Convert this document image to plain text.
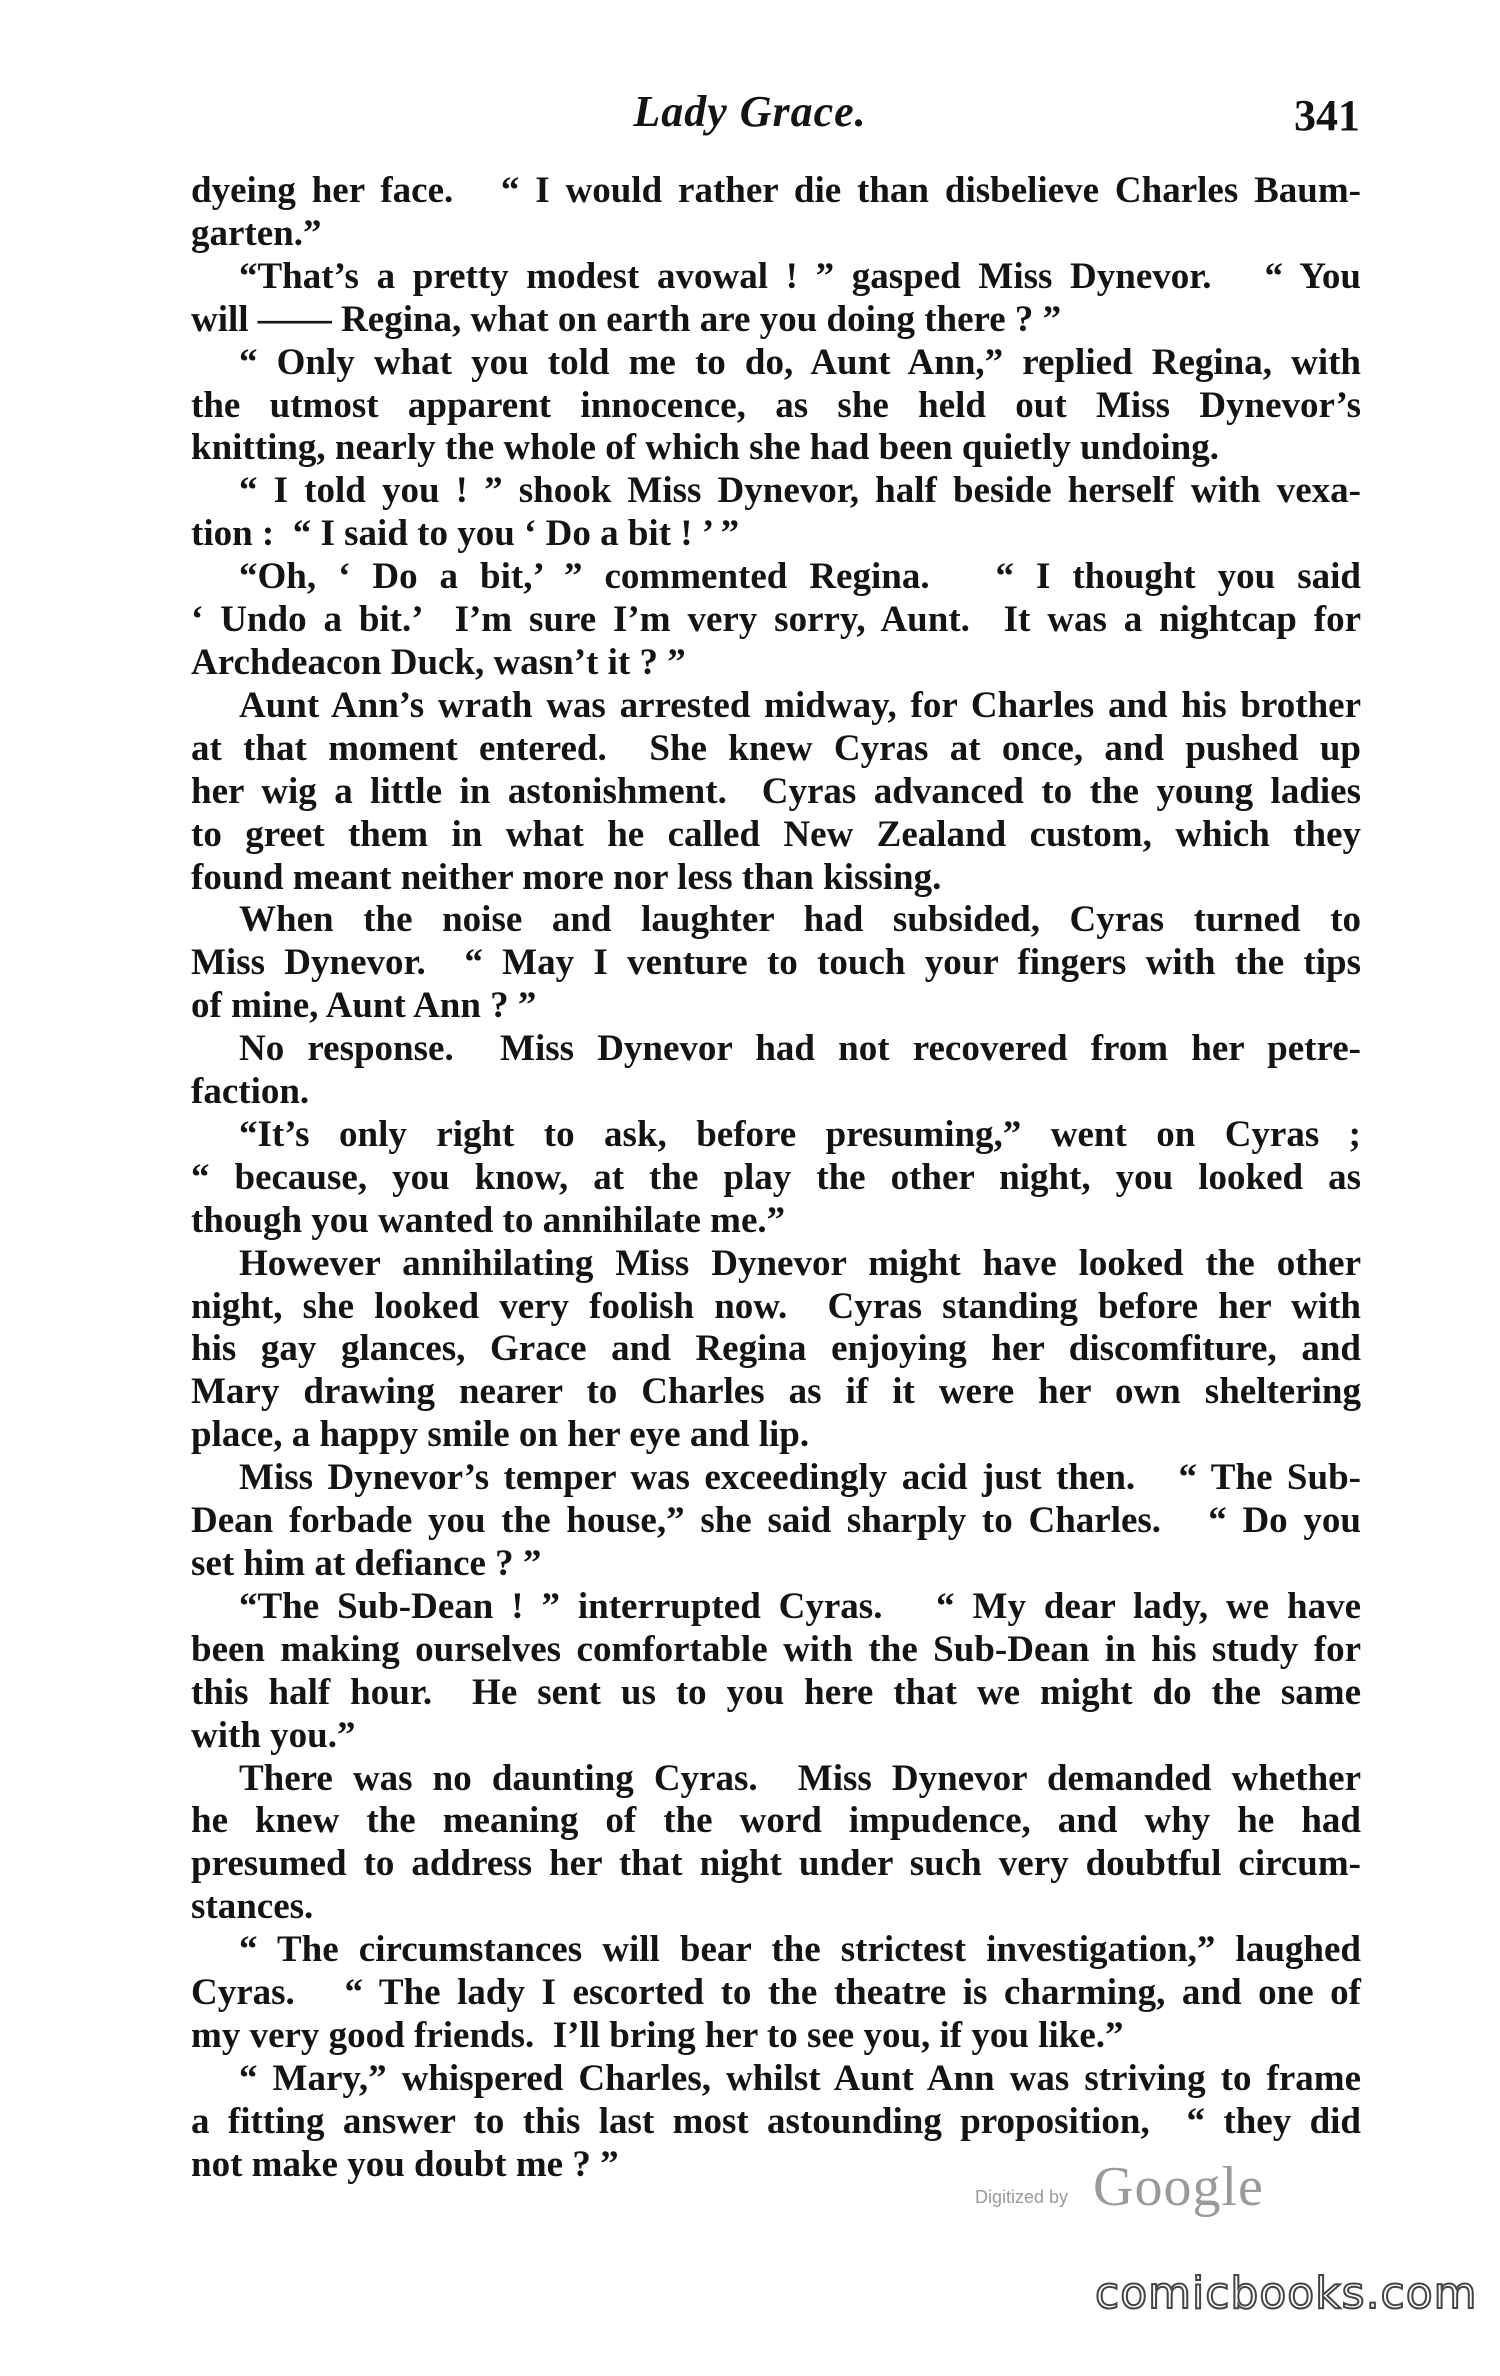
Lady Grace.	341
dyeing her face.   “ I would rather die than disbelieve Charles Baum-
garten.”
“That’s a pretty modest avowal ! ” gasped Miss Dynevor.   “ You
will —— Regina, what on earth are you doing there ? ”
“ Only what you told me to do, Aunt Ann,” replied Regina, with
the utmost apparent innocence, as she held out Miss Dynevor’s
knitting, nearly the whole of which she had been quietly undoing.
“ I told you ! ” shook Miss Dynevor, half beside herself with vexa-
tion :  “ I said to you ‘ Do a bit ! ’ ”
“Oh, ‘ Do a bit,’ ” commented Regina.   “ I thought you said
‘ Undo a bit.’  I’m sure I’m very sorry, Aunt.  It was a nightcap for
Archdeacon Duck, wasn’t it ? ”
Aunt Ann’s wrath was arrested midway, for Charles and his brother
at that moment entered.  She knew Cyras at once, and pushed up
her wig a little in astonishment.  Cyras advanced to the young ladies
to greet them in what he called New Zealand custom, which they
found meant neither more nor less than kissing.
When the noise and laughter had subsided, Cyras turned to
Miss Dynevor.  “ May I venture to touch your fingers with the tips
of mine, Aunt Ann ? ”
No response.  Miss Dynevor had not recovered from her petre-
faction.
“It’s only right to ask, before presuming,” went on Cyras ;
“ because, you know, at the play the other night, you looked as
though you wanted to annihilate me.”
However annihilating Miss Dynevor might have looked the other
night, she looked very foolish now.  Cyras standing before her with
his gay glances, Grace and Regina enjoying her discomfiture, and
Mary drawing nearer to Charles as if it were her own sheltering
place, a happy smile on her eye and lip.
Miss Dynevor’s temper was exceedingly acid just then.   “ The Sub-
Dean forbade you the house,” she said sharply to Charles.   “ Do you
set him at defiance ? ”
“The Sub-Dean ! ” interrupted Cyras.   “ My dear lady, we have
been making ourselves comfortable with the Sub-Dean in his study for
this half hour.  He sent us to you here that we might do the same
with you.”
There was no daunting Cyras.  Miss Dynevor demanded whether
he knew the meaning of the word impudence, and why he had
presumed to address her that night under such very doubtful circum-
stances.
“ The circumstances will bear the strictest investigation,” laughed
Cyras.   “ The lady I escorted to the theatre is charming, and one of
my very good friends.  I’ll bring her to see you, if you like.”
“ Mary,” whispered Charles, whilst Aunt Ann was striving to frame
a fitting answer to this last most astounding proposition,  “ they did
not make you doubt me ? ”
Digitized by Google
comicbooks.com
